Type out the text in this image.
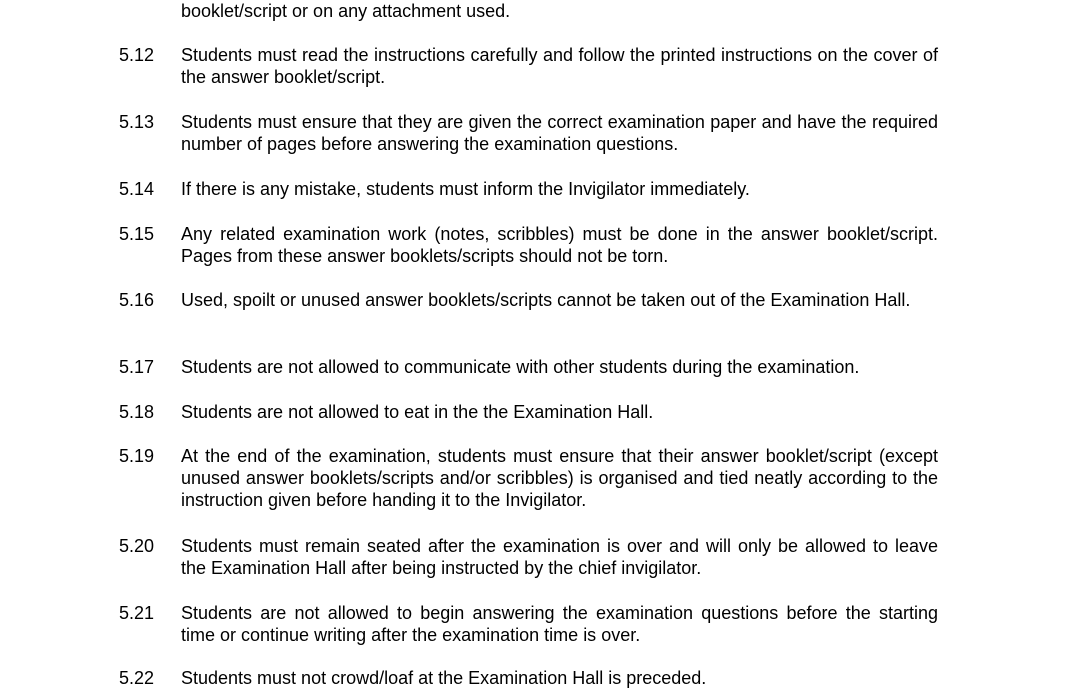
booklet/script or on any attachment used.
5.12 Students must read the instructions carefully and follow the printed instructions on the cover of the answer booklet/script.
5.13 Students must ensure that they are given the correct examination paper and have the required number of pages before answering the examination questions.
5.14 If there is any mistake, students must inform the Invigilator immediately.
5.15 Any related examination work (notes, scribbles) must be done in the answer booklet/script. Pages from these answer booklets/scripts should not be torn.
5.16 Used, spoilt or unused answer booklets/scripts cannot be taken out of the Examination Hall.
5.17 Students are not allowed to communicate with other students during the examination.
5.18 Students are not allowed to eat in the the Examination Hall.
5.19 At the end of the examination, students must ensure that their answer booklet/script (except unused answer booklets/scripts and/or scribbles) is organised and tied neatly according to the instruction given before handing it to the Invigilator.
5.20 Students must remain seated after the examination is over and will only be allowed to leave the Examination Hall after being instructed by the chief invigilator.
5.21 Students are not allowed to begin answering the examination questions before the starting time or continue writing after the examination time is over.
5.22 Students must not crowd/loaf at the Examination Hall is preceded.
